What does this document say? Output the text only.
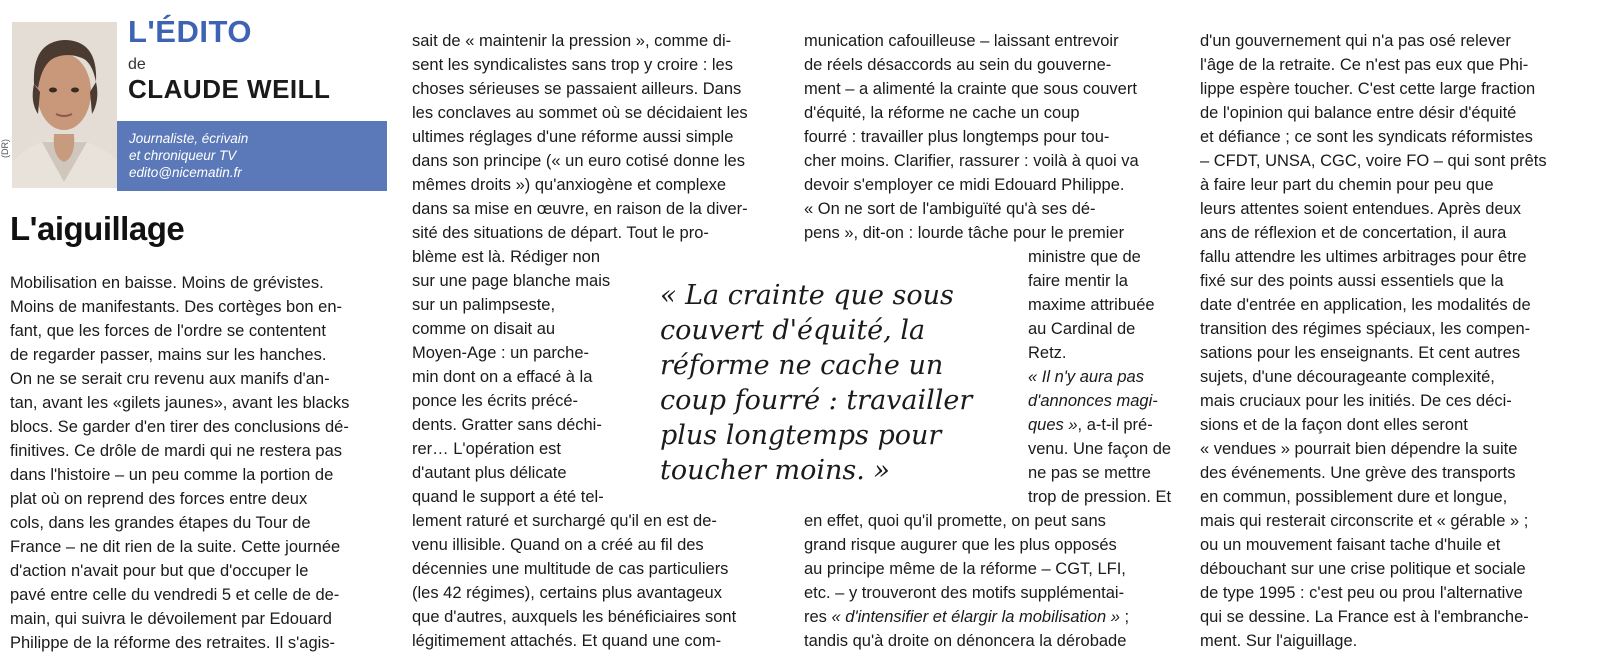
(DR)
L'ÉDITO
de
CLAUDE WEILL
Journaliste, écrivain
et chroniqueur TV
edito@nicematin.fr
L'aiguillage

Mobilisation en baisse. Moins de grévistes.

Moins de manifestants. Des cortèges bon en-

fant, que les forces de l'ordre se contentent

de regarder passer, mains sur les hanches.

On ne se serait cru revenu aux manifs d'an-

tan, avant les «gilets jaunes», avant les blacks

blocs. Se garder d'en tirer des conclusions dé-

finitives. Ce drôle de mardi qui ne restera pas

dans l'histoire – un peu comme la portion de

plat où on reprend des forces entre deux

cols, dans les grandes étapes du Tour de

France – ne dit rien de la suite. Cette journée

d'action n'avait pour but que d'occuper le

pavé entre celle du vendredi 5 et celle de de-

main, qui suivra le dévoilement par Edouard

Philippe de la réforme des retraites. Il s'agis-

sait de « maintenir la pression », comme di-

sent les syndicalistes sans trop y croire : les

choses sérieuses se passaient ailleurs. Dans

les conclaves au sommet où se décidaient les

ultimes réglages d'une réforme aussi simple

dans son principe (« un euro cotisé donne les

mêmes droits ») qu'anxiogène et complexe

dans sa mise en œuvre, en raison de la diver-

sité des situations de départ. Tout le pro-

blème est là. Rédiger non

sur une page blanche mais

sur un palimpseste,

comme on disait au

Moyen-Age : un parche-

min dont on a effacé à la

ponce les écrits précé-

dents. Gratter sans déchi-

rer… L'opération est

d'autant plus délicate

quand le support a été tel-

lement raturé et surchargé qu'il en est de-

venu illisible. Quand on a créé au fil des

décennies une multitude de cas particuliers

(les 42 régimes), certains plus avantageux

que d'autres, auxquels les bénéficiaires sont

légitimement attachés. Et quand une com-

« La crainte que sous
couvert d'équité, la
réforme ne cache un
coup fourré : travailler
plus longtemps pour
toucher moins. »

munication cafouilleuse – laissant entrevoir

de réels désaccords au sein du gouverne-

ment – a alimenté la crainte que sous couvert

d'équité, la réforme ne cache un coup

fourré : travailler plus longtemps pour tou-

cher moins. Clarifier, rassurer : voilà à quoi va

devoir s'employer ce midi Edouard Philippe.

« On ne sort de l'ambiguïté qu'à ses dé-

pens », dit-on : lourde tâche pour le premier

ministre que de

faire mentir la

maxime attribuée

au Cardinal de

Retz.

« Il n'y aura pas

d'annonces magi-

ques », a-t-il pré-

venu. Une façon de

ne pas se mettre

trop de pression. Et

en effet, quoi qu'il promette, on peut sans

grand risque augurer que les plus opposés

au principe même de la réforme – CGT, LFI,

etc. – y trouveront des motifs supplémentai-

res « d'intensifier et élargir la mobilisation » ;

tandis qu'à droite on dénoncera la dérobade

d'un gouvernement qui n'a pas osé relever

l'âge de la retraite. Ce n'est pas eux que Phi-

lippe espère toucher. C'est cette large fraction

de l'opinion qui balance entre désir d'équité

et défiance ; ce sont les syndicats réformistes

– CFDT, UNSA, CGC, voire FO – qui sont prêts

à faire leur part du chemin pour peu que

leurs attentes soient entendues. Après deux

ans de réflexion et de concertation, il aura

fallu attendre les ultimes arbitrages pour être

fixé sur des points aussi essentiels que la

date d'entrée en application, les modalités de

transition des régimes spéciaux, les compen-

sations pour les enseignants. Et cent autres

sujets, d'une décourageante complexité,

mais cruciaux pour les initiés. De ces déci-

sions et de la façon dont elles seront

« vendues » pourrait bien dépendre la suite

des événements. Une grève des transports

en commun, possiblement dure et longue,

mais qui resterait circonscrite et « gérable » ;

ou un mouvement faisant tache d'huile et

débouchant sur une crise politique et sociale

de type 1995 : c'est peu ou prou l'alternative

qui se dessine. La France est à l'embranche-

ment. Sur l'aiguillage.
